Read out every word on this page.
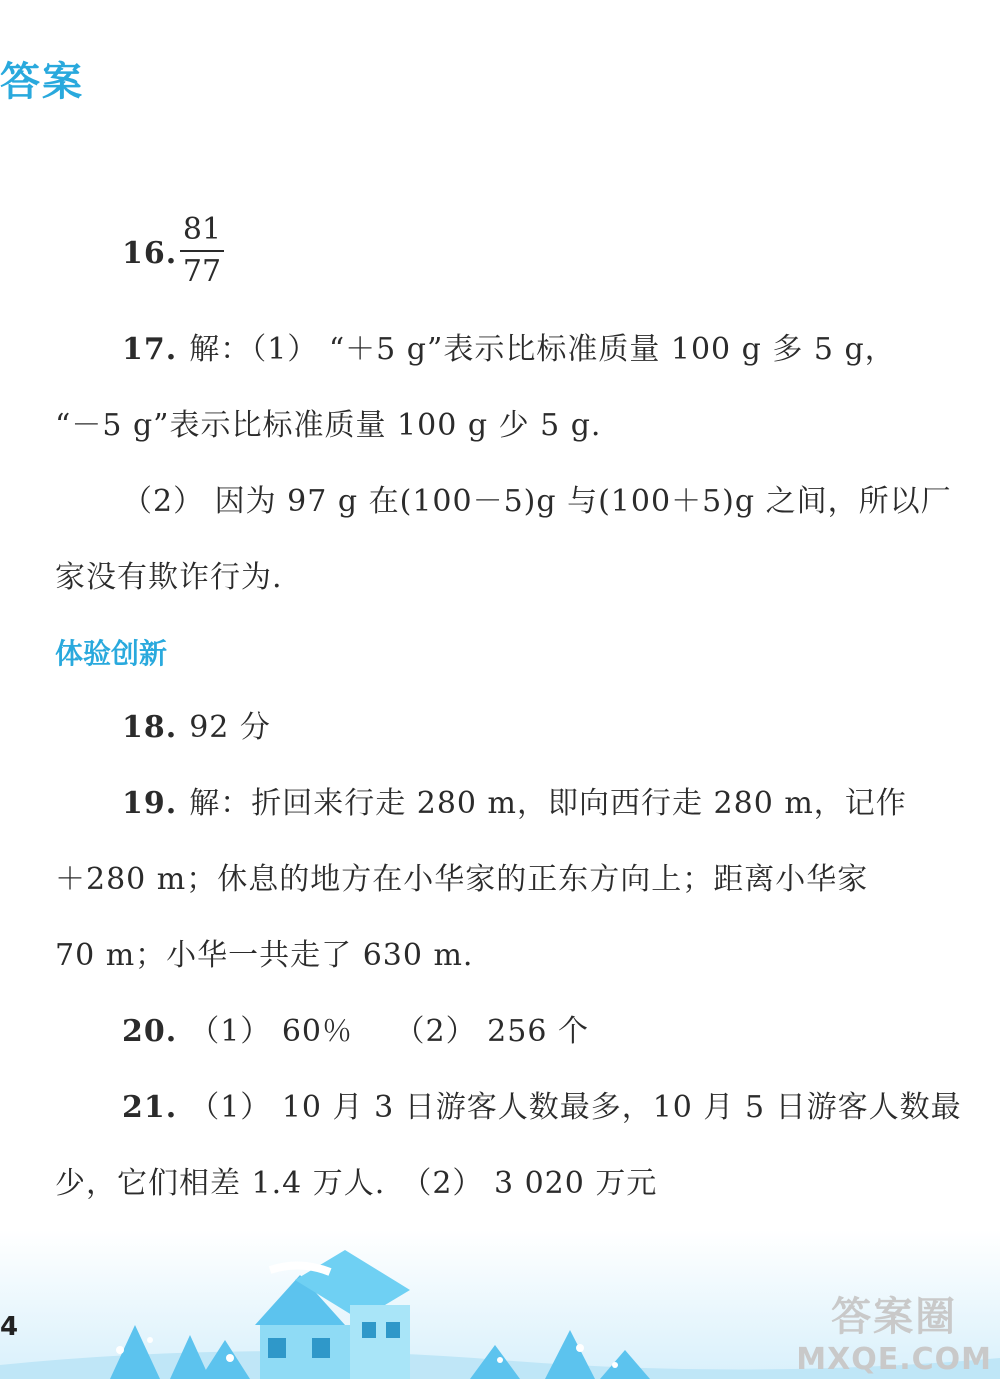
答案
16.
81
77
17. 解：（1） “＋5 g”表示比标准质量 100 g 多 5 g，
“－5 g”表示比标准质量 100 g 少 5 g.
（2） 因为 97 g 在(100－5)g 与(100＋5)g 之间，所以厂
家没有欺诈行为.
体验创新
18. 92 分
19. 解：折回来行走 280 m，即向西行走 280 m，记作
＋280 m；休息的地方在小华家的正东方向上；距离小华家
70 m；小华一共走了 630 m.
20. （1） 60％　 （2） 256 个
21. （1） 10 月 3 日游客人数最多，10 月 5 日游客人数最
少，它们相差 1.4 万人.　（2） 3 020 万元
4	答案圈
MXQE.COM
